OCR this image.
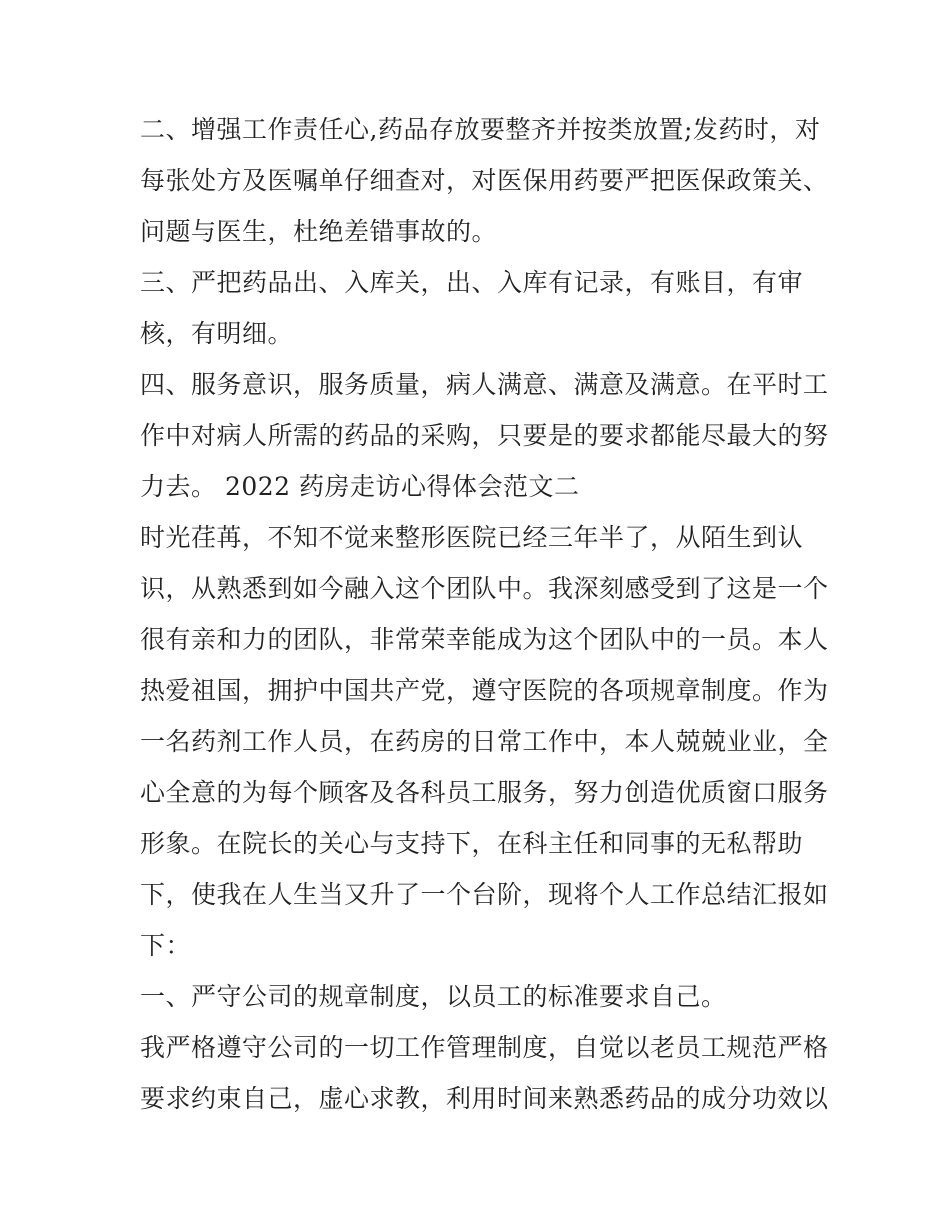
二、增强工作责任心,药品存放要整齐并按类放置;发药时，对
每张处方及医嘱单仔细查对，对医保用药要严把医保政策关、
问题与医生，杜绝差错事故的。
三、严把药品出、入库关，出、入库有记录，有账目，有审
核，有明细。
四、服务意识，服务质量，病人满意、满意及满意。在平时工
作中对病人所需的药品的采购，只要是的要求都能尽最大的努
力去。 2022 药房走访心得体会范文二
时光荏苒，不知不觉来整形医院已经三年半了，从陌生到认
识，从熟悉到如今融入这个团队中。我深刻感受到了这是一个
很有亲和力的团队，非常荣幸能成为这个团队中的一员。本人
热爱祖国，拥护中国共产党，遵守医院的各项规章制度。作为
一名药剂工作人员，在药房的日常工作中，本人兢兢业业，全
心全意的为每个顾客及各科员工服务，努力创造优质窗口服务
形象。在院长的关心与支持下，在科主任和同事的无私帮助
下，使我在人生当又升了一个台阶，现将个人工作总结汇报如
下：
一、严守公司的规章制度，以员工的标准要求自己。
我严格遵守公司的一切工作管理制度，自觉以老员工规范严格
要求约束自己，虚心求教，利用时间来熟悉药品的成分功效以
